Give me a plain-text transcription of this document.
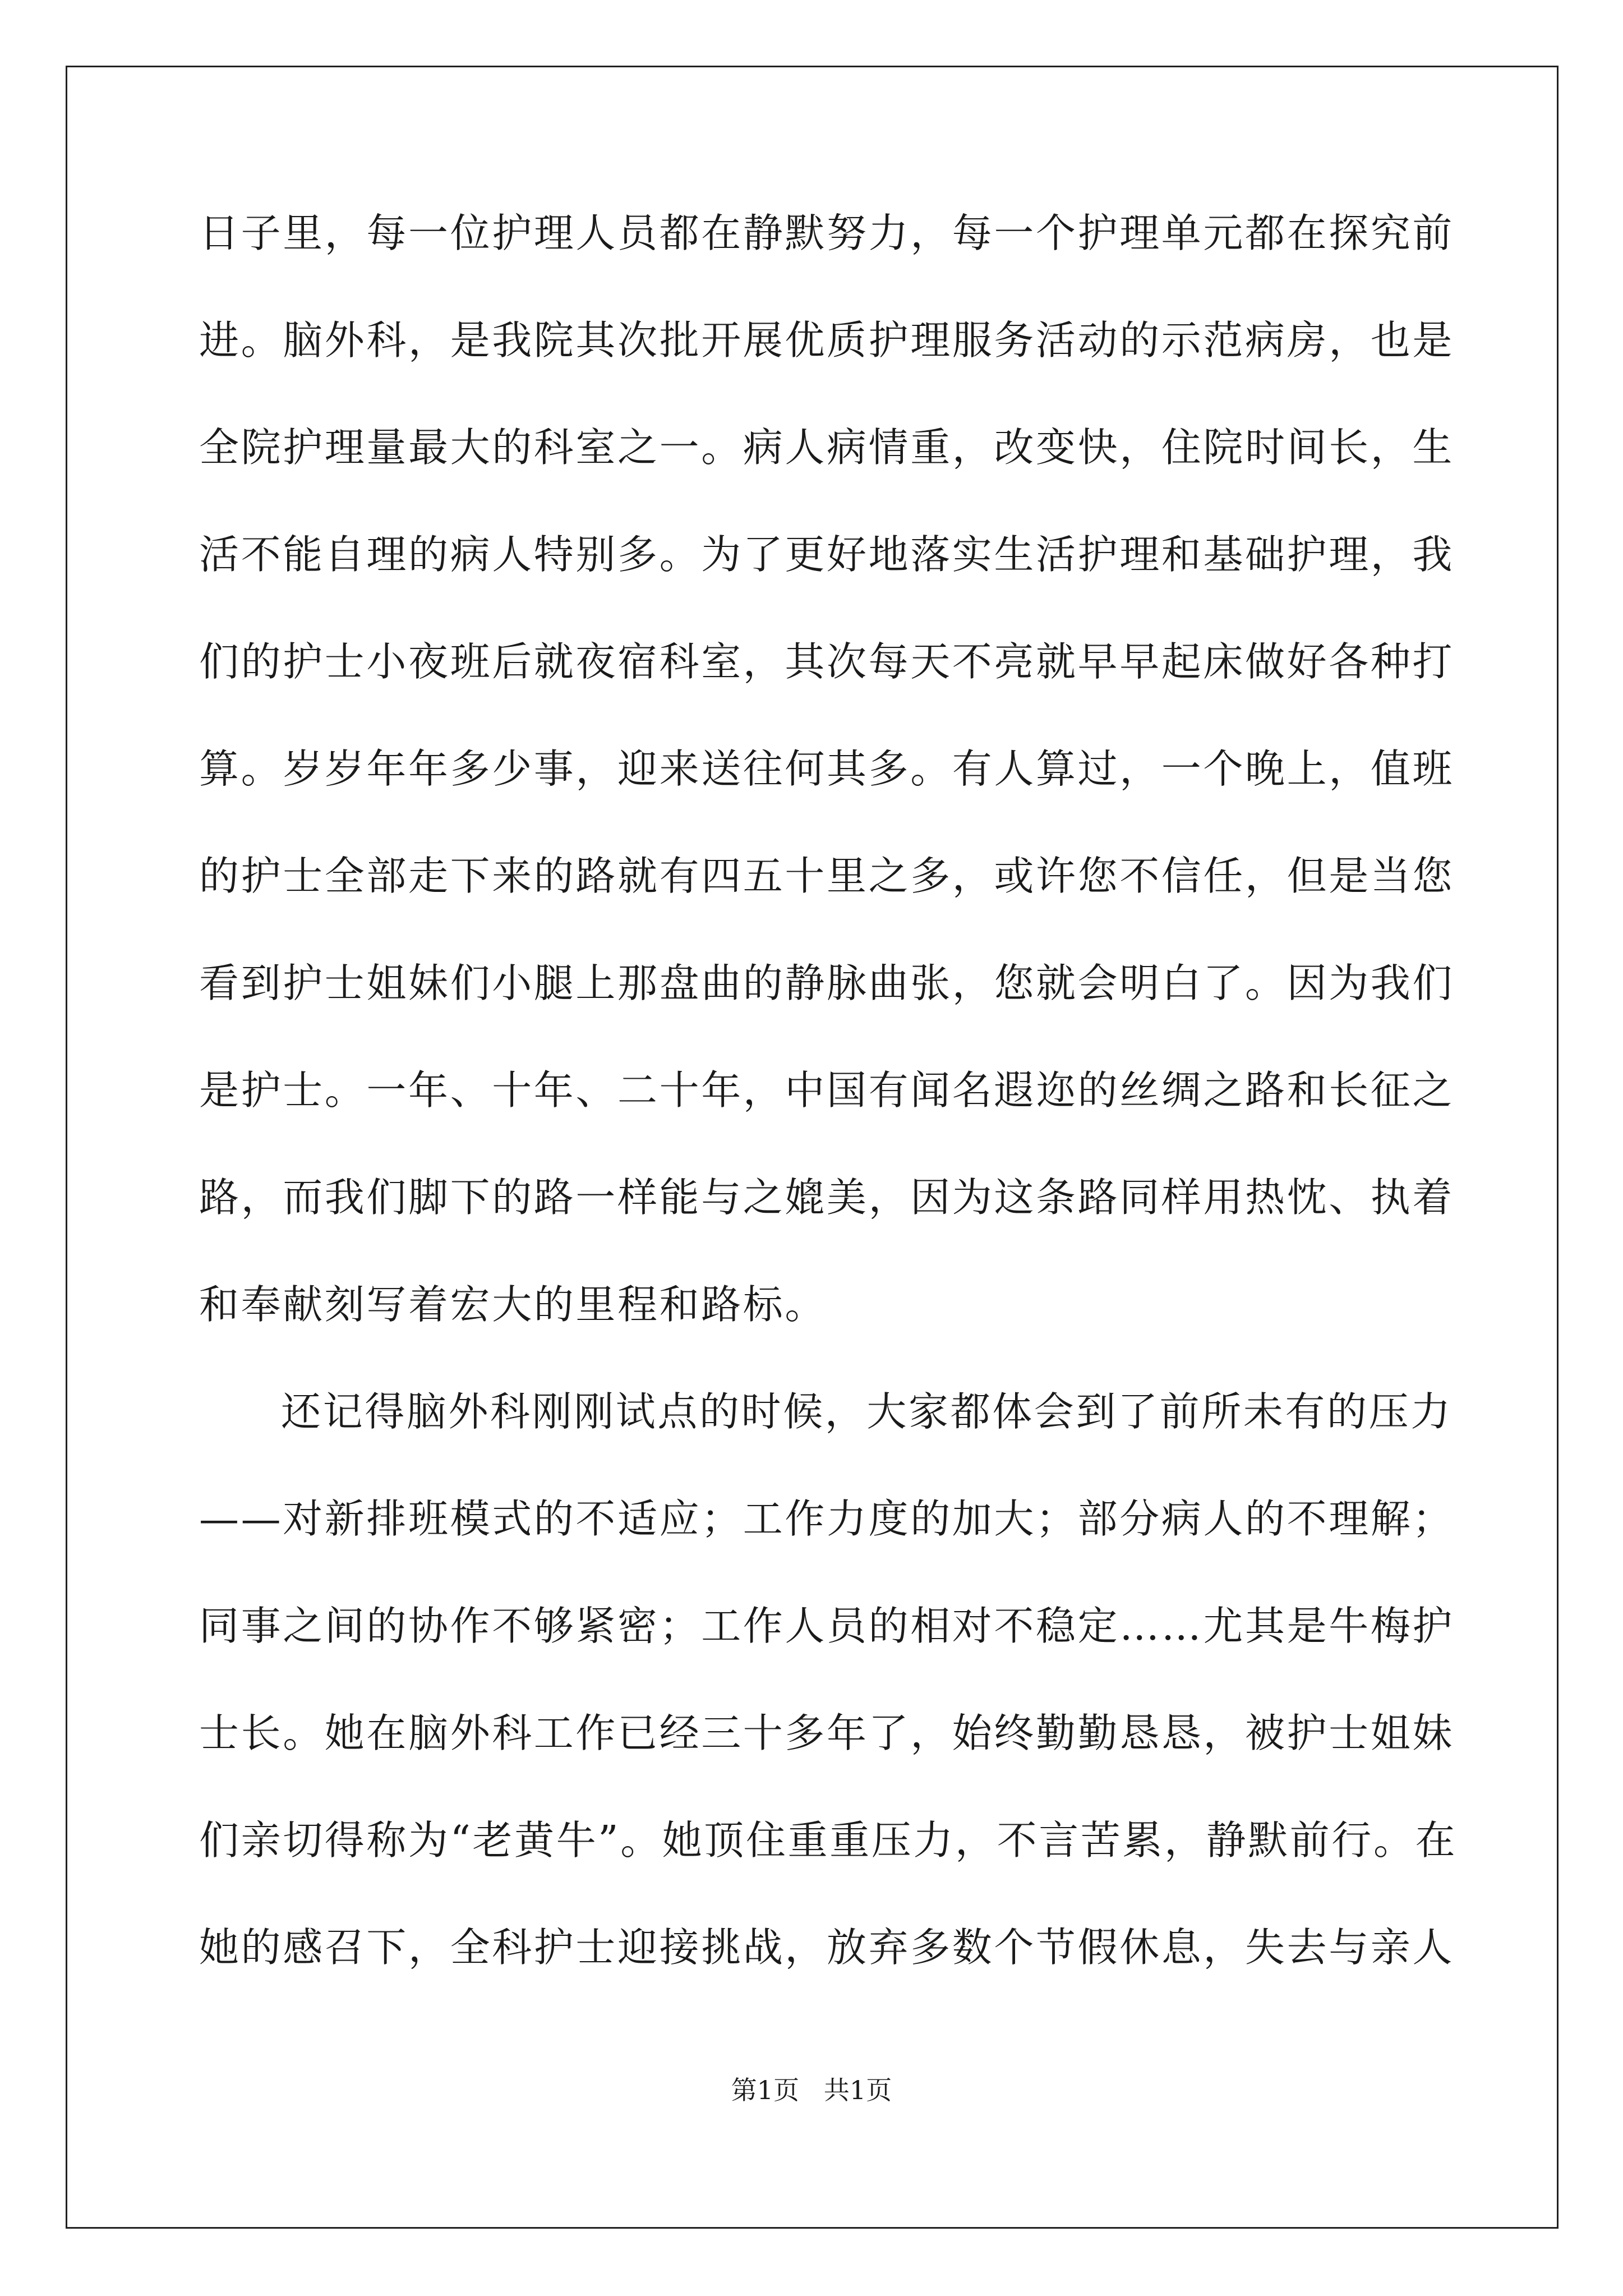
日子里，每一位护理人员都在静默努力，每一个护理单元都在探究前
进。脑外科，是我院其次批开展优质护理服务活动的示范病房，也是
全院护理量最大的科室之一。病人病情重，改变快，住院时间长，生
活不能自理的病人特别多。为了更好地落实生活护理和基础护理，我
们的护士小夜班后就夜宿科室，其次每天不亮就早早起床做好各种打
算。岁岁年年多少事，迎来送往何其多。有人算过，一个晚上，值班
的护士全部走下来的路就有四五十里之多，或许您不信任，但是当您
看到护士姐妹们小腿上那盘曲的静脉曲张，您就会明白了。因为我们
是护士。一年、十年、二十年，中国有闻名遐迩的丝绸之路和长征之
路，而我们脚下的路一样能与之媲美，因为这条路同样用热忱、执着
和奉献刻写着宏大的里程和路标。
还记得脑外科刚刚试点的时候，大家都体会到了前所未有的压力
——对新排班模式的不适应；工作力度的加大；部分病人的不理解；
同事之间的协作不够紧密；工作人员的相对不稳定……尤其是牛梅护
士长。她在脑外科工作已经三十多年了，始终勤勤恳恳，被护士姐妹
们亲切得称为“老黄牛”。她顶住重重压力，不言苦累，静默前行。在
她的感召下，全科护士迎接挑战，放弃多数个节假休息，失去与亲人
第1页   共1页
